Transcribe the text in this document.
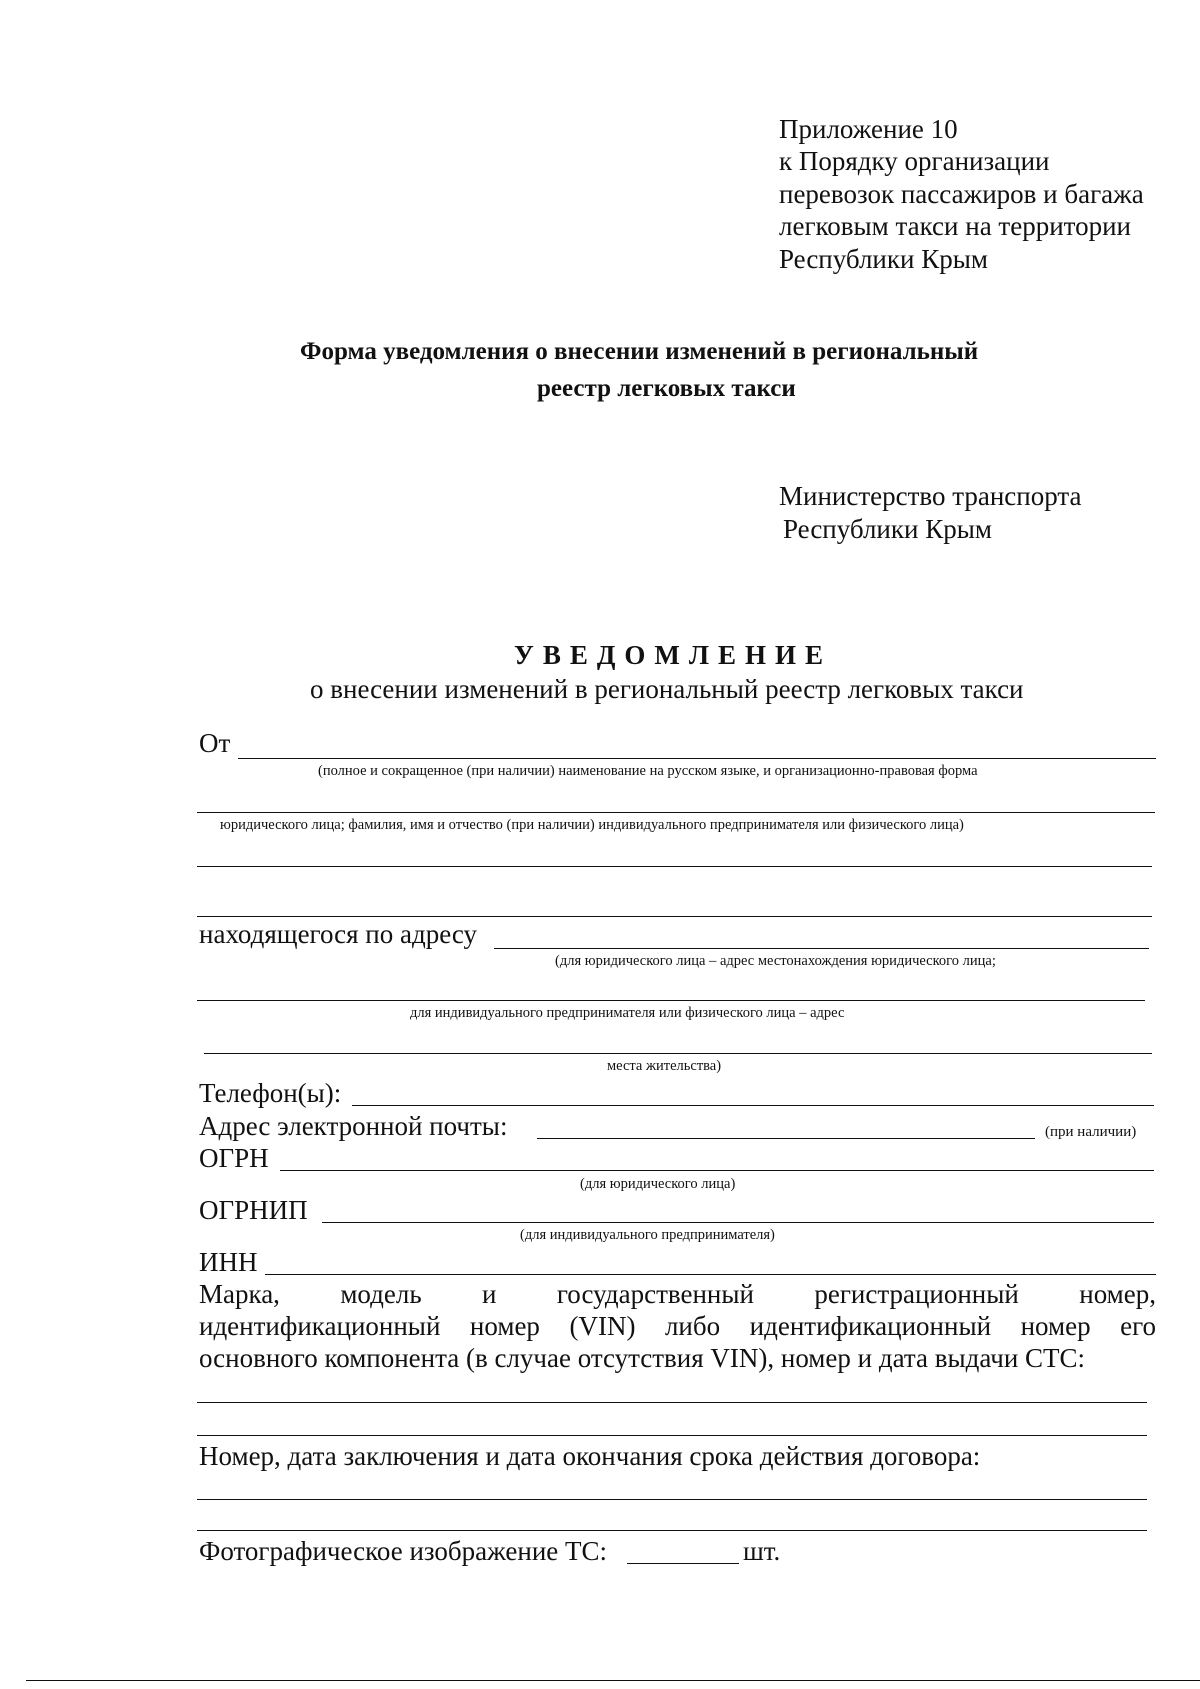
Приложение 10
к Порядку организации
перевозок пассажиров и багажа
легковым такси на территории
Республики Крым
Форма уведомления о внесении изменений в региональный
реестр легковых такси
Министерство транспорта
Республики Крым
УВЕДОМЛЕНИЕ
о внесении изменений в региональный реестр легковых такси
От
(полное и сокращенное (при наличии) наименование на русском языке, и организационно-правовая форма
юридического лица; фамилия, имя и отчество (при наличии) индивидуального предпринимателя или физического лица)
находящегося по адресу
(для юридического лица – адрес местонахождения юридического лица;
для индивидуального предпринимателя или физического лица – адрес
места жительства)
Телефон(ы):
Адрес электронной почты:	(при наличии)
ОГРН
(для юридического лица)
ОГРНИП
(для индивидуального предпринимателя)
ИНН
Марка, модель и государственный регистрационный номер,
идентификационный номер (VIN) либо идентификационный номер его
основного компонента (в случае отсутствия VIN), номер и дата выдачи СТС:
Номер, дата заключения и дата окончания срока действия договора:
Фотографическое изображение ТС:	шт.
